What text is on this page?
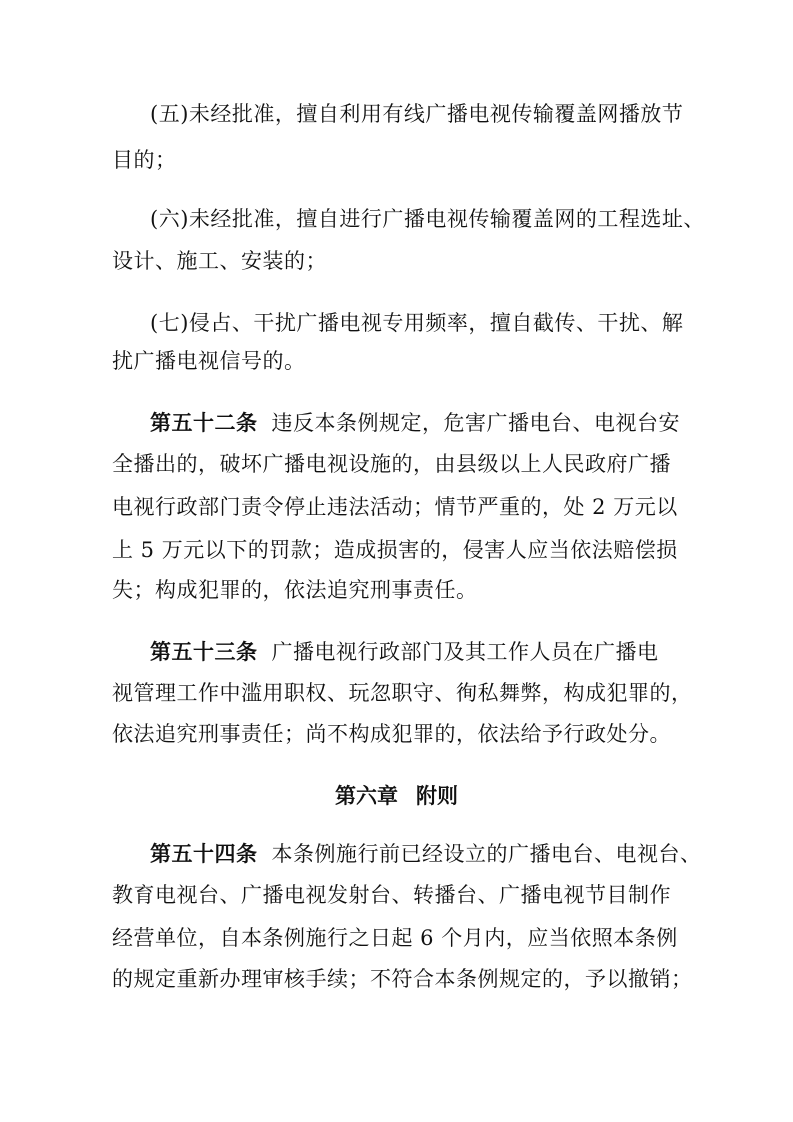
(五)未经批准，擅自利用有线广播电视传输覆盖网播放节
目的；
(六)未经批准，擅自进行广播电视传输覆盖网的工程选址、
设计、施工、安装的；
(七)侵占、干扰广播电视专用频率，擅自截传、干扰、解
扰广播电视信号的。
第五十二条 违反本条例规定，危害广播电台、电视台安
全播出的，破坏广播电视设施的，由县级以上人民政府广播
电视行政部门责令停止违法活动；情节严重的，处 2 万元以
上 5 万元以下的罚款；造成损害的，侵害人应当依法赔偿损
失；构成犯罪的，依法追究刑事责任。
第五十三条 广播电视行政部门及其工作人员在广播电
视管理工作中滥用职权、玩忽职守、徇私舞弊，构成犯罪的，
依法追究刑事责任；尚不构成犯罪的，依法给予行政处分。
第六章 附则
第五十四条 本条例施行前已经设立的广播电台、电视台、
教育电视台、广播电视发射台、转播台、广播电视节目制作
经营单位，自本条例施行之日起 6 个月内，应当依照本条例
的规定重新办理审核手续；不符合本条例规定的，予以撤销；
